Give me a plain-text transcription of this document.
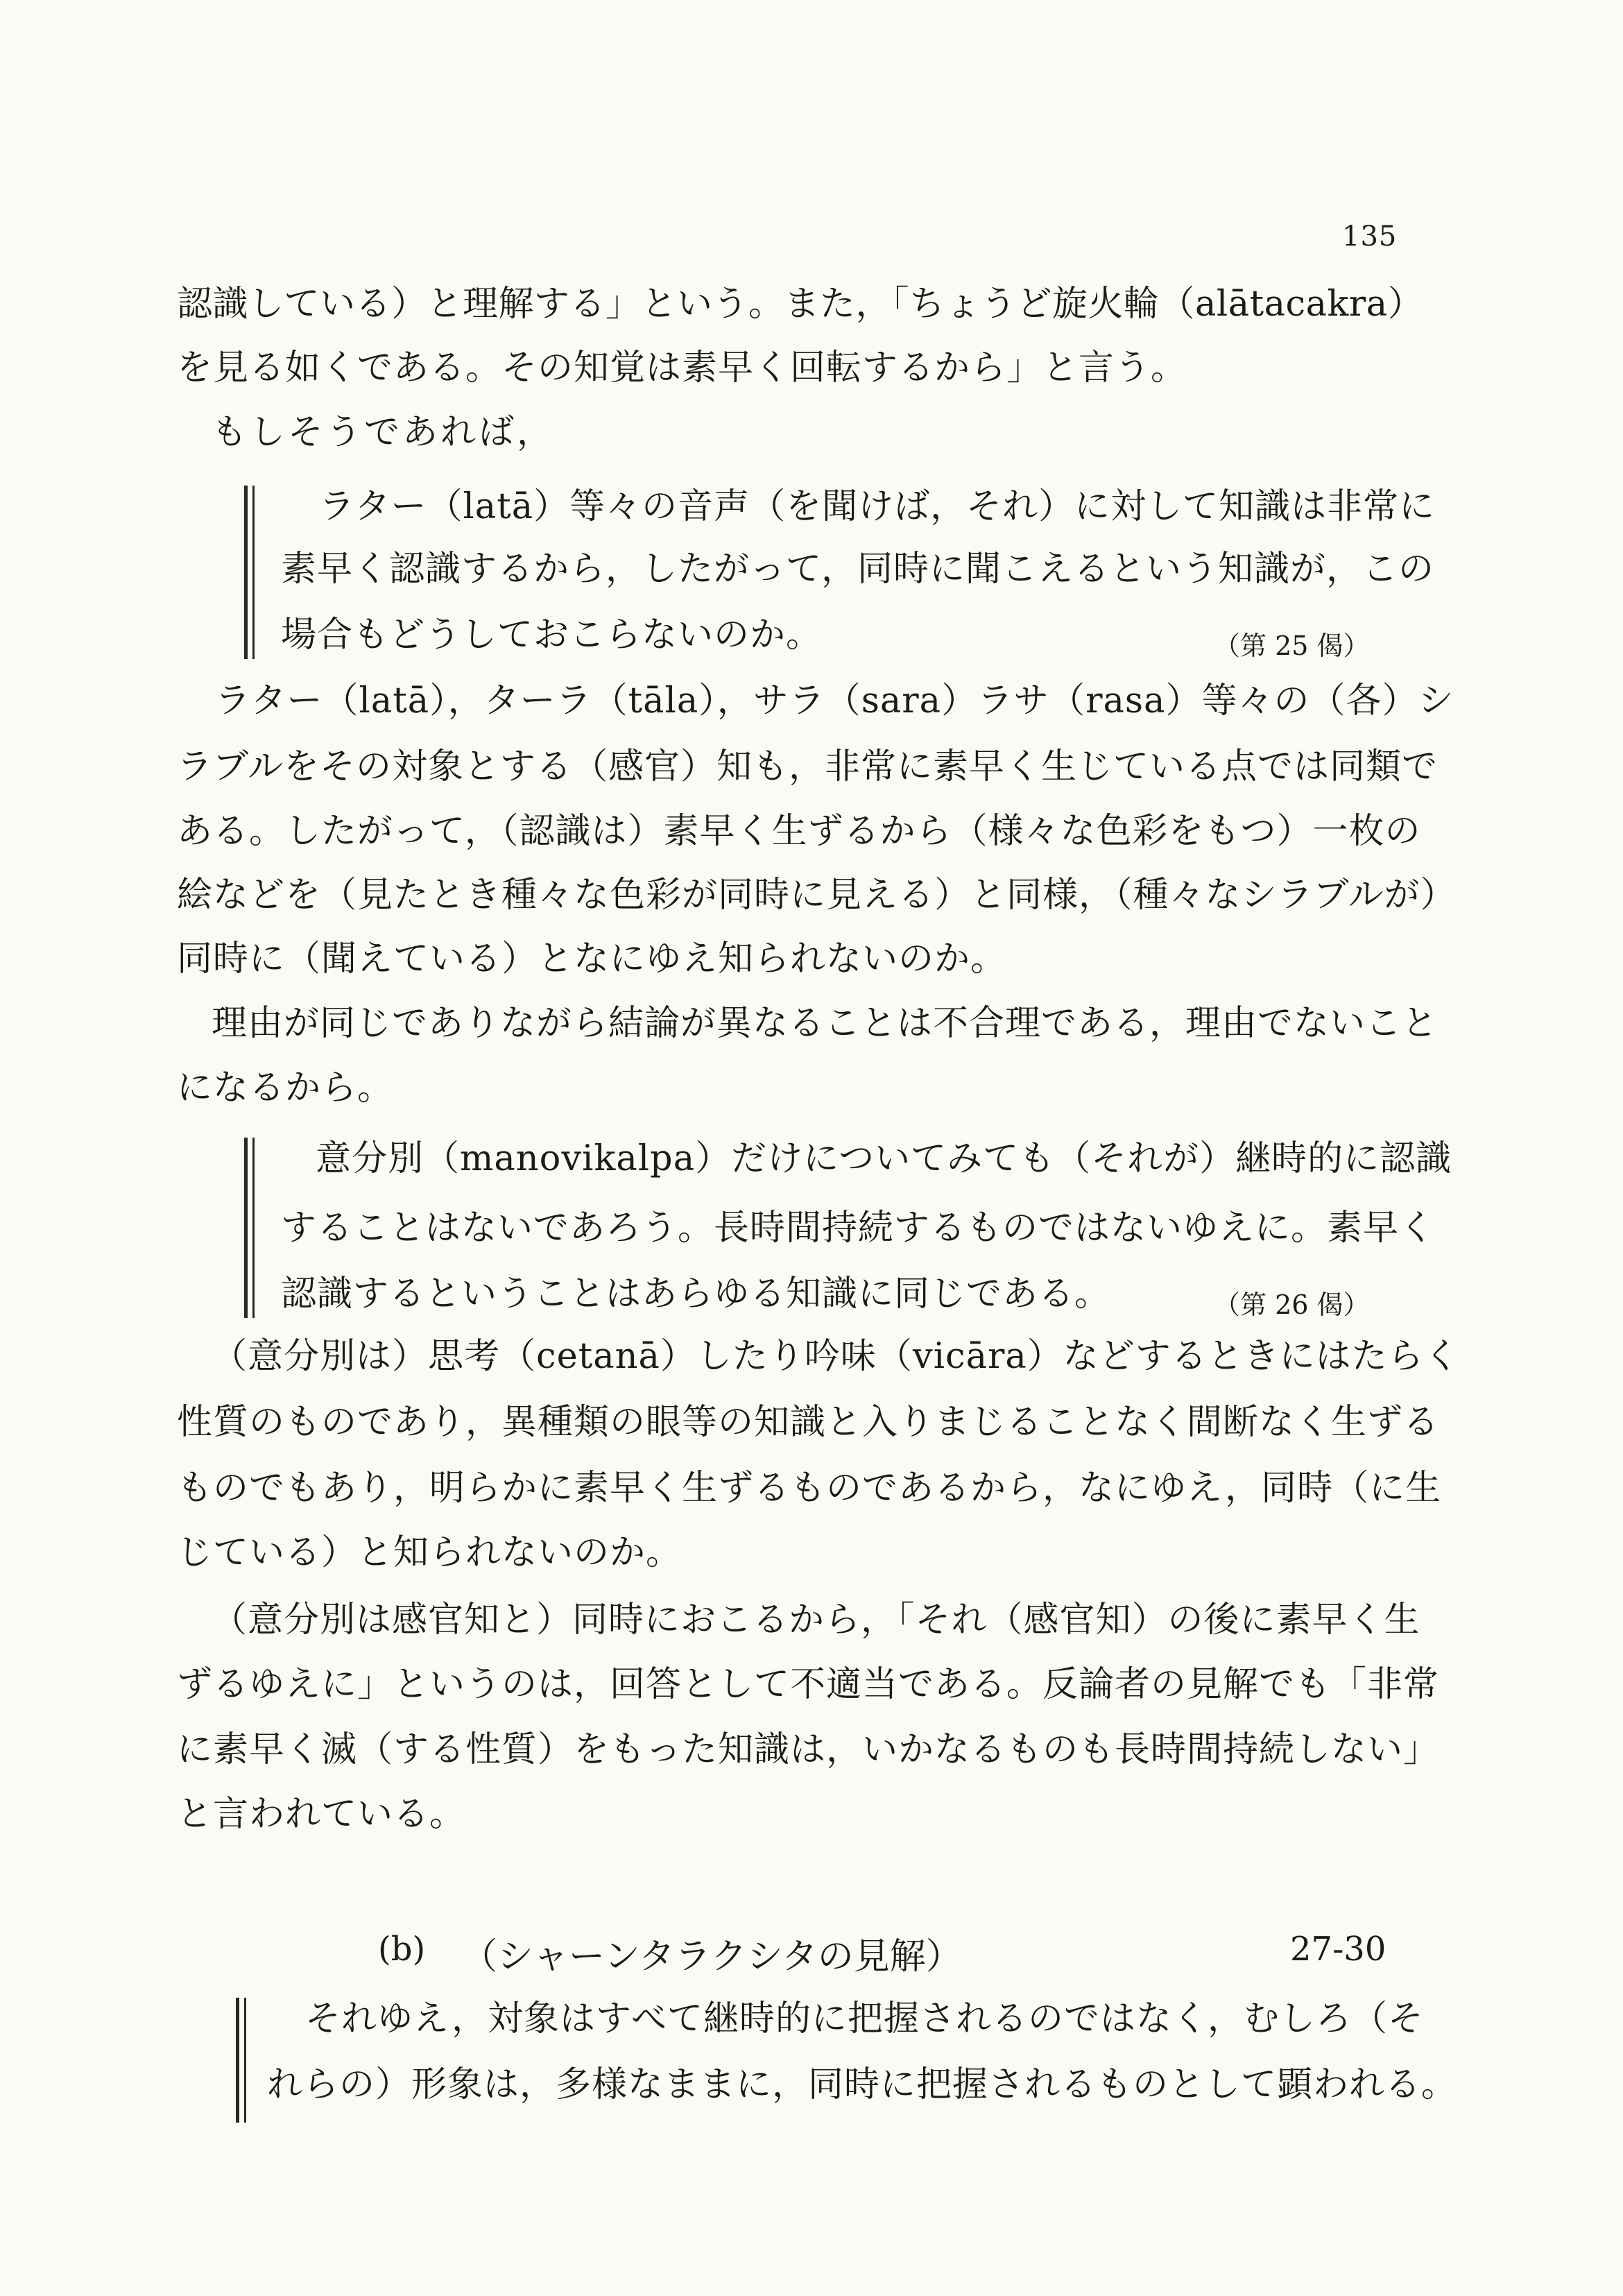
135
認識している）と理解する」という。また，「ちょうど旋火輪（alātacakra）
を見る如くである。その知覚は素早く回転するから」と言う。
もしそうであれば，
ラター（latā）等々の音声（を聞けば，それ）に対して知識は非常に
素早く認識するから，したがって，同時に聞こえるという知識が，この
場合もどうしておこらないのか。	（第 25 偈）
ラター（latā），ターラ（tāla），サラ（sara）ラサ（rasa）等々の（各）シ
ラブルをその対象とする（感官）知も，非常に素早く生じている点では同類で
ある。したがって，（認識は）素早く生ずるから（様々な色彩をもつ）一枚の
絵などを（見たとき種々な色彩が同時に見える）と同様，（種々なシラブルが）
同時に（聞えている）となにゆえ知られないのか。
理由が同じでありながら結論が異なることは不合理である，理由でないこと
になるから。
意分別（manovikalpa）だけについてみても（それが）継時的に認識
することはないであろう。長時間持続するものではないゆえに。素早く
認識するということはあらゆる知識に同じである。	（第 26 偈）
（意分別は）思考（cetanā）したり吟味（vicāra）などするときにはたらく
性質のものであり，異種類の眼等の知識と入りまじることなく間断なく生ずる
ものでもあり，明らかに素早く生ずるものであるから，なにゆえ，同時（に生
じている）と知られないのか。
（意分別は感官知と）同時におこるから，「それ（感官知）の後に素早く生
ずるゆえに」というのは，回答として不適当である。反論者の見解でも「非常
に素早く滅（する性質）をもった知識は，いかなるものも長時間持続しない」
と言われている。
(b) （シャーンタラクシタの見解）	27-30
それゆえ，対象はすべて継時的に把握されるのではなく，むしろ（そ
れらの）形象は，多様なままに，同時に把握されるものとして顕われる。
